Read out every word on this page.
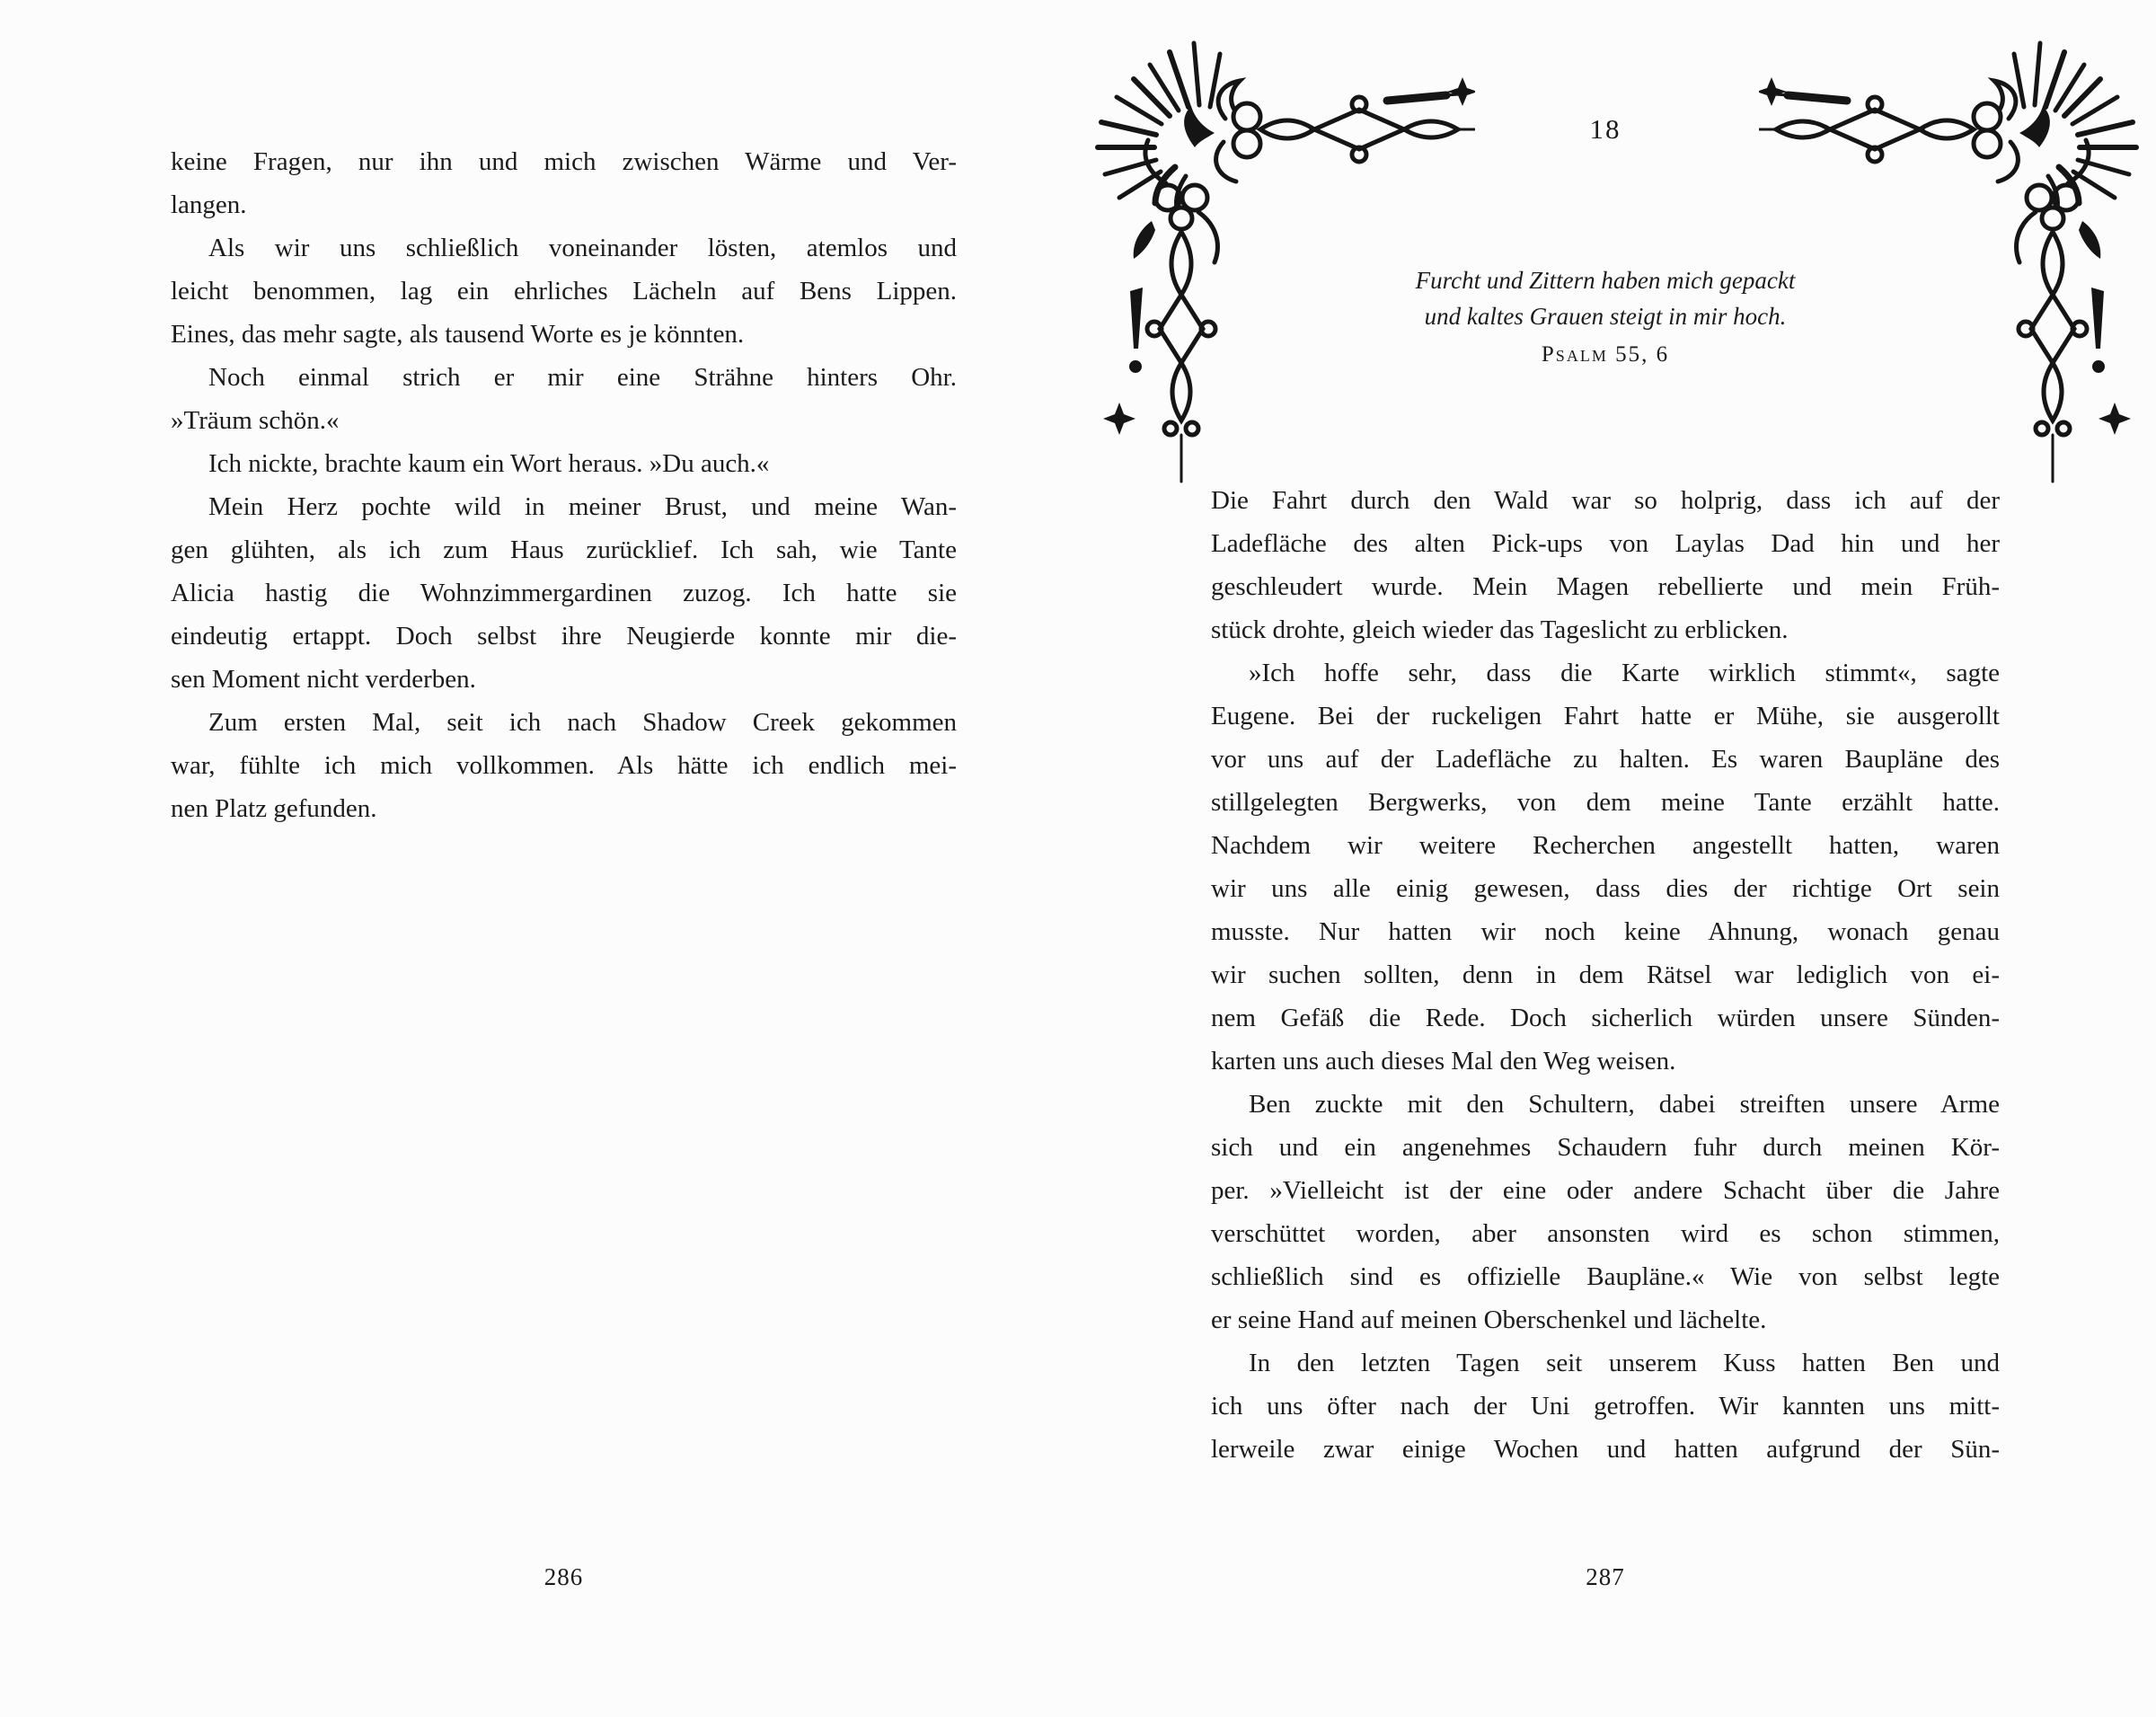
keine Fragen, nur ihn und mich zwischen Wärme und Ver-
langen.
Als wir uns schließlich voneinander lösten, atemlos und
leicht benommen, lag ein ehrliches Lächeln auf Bens Lippen.
Eines, das mehr sagte, als tausend Worte es je könnten.
Noch einmal strich er mir eine Strähne hinters Ohr.
»Träum schön.«
Ich nickte, brachte kaum ein Wort heraus. »Du auch.«
Mein Herz pochte wild in meiner Brust, und meine Wan-
gen glühten, als ich zum Haus zurücklief. Ich sah, wie Tante
Alicia hastig die Wohnzimmergardinen zuzog. Ich hatte sie
eindeutig ertappt. Doch selbst ihre Neugierde konnte mir die-
sen Moment nicht verderben.
Zum ersten Mal, seit ich nach Shadow Creek gekommen
war, fühlte ich mich vollkommen. Als hätte ich endlich mei-
nen Platz gefunden.
286
18
Furcht und Zittern haben mich gepackt
und kaltes Grauen steigt in mir hoch.
Psalm 55, 6
Die Fahrt durch den Wald war so holprig, dass ich auf der
Ladefläche des alten Pick-ups von Laylas Dad hin und her
geschleudert wurde. Mein Magen rebellierte und mein Früh-
stück drohte, gleich wieder das Tageslicht zu erblicken.
»Ich hoffe sehr, dass die Karte wirklich stimmt«, sagte
Eugene. Bei der ruckeligen Fahrt hatte er Mühe, sie ausgerollt
vor uns auf der Ladefläche zu halten. Es waren Baupläne des
stillgelegten Bergwerks, von dem meine Tante erzählt hatte.
Nachdem wir weitere Recherchen angestellt hatten, waren
wir uns alle einig gewesen, dass dies der richtige Ort sein
musste. Nur hatten wir noch keine Ahnung, wonach genau
wir suchen sollten, denn in dem Rätsel war lediglich von ei-
nem Gefäß die Rede. Doch sicherlich würden unsere Sünden-
karten uns auch dieses Mal den Weg weisen.
Ben zuckte mit den Schultern, dabei streiften unsere Arme
sich und ein angenehmes Schaudern fuhr durch meinen Kör-
per. »Vielleicht ist der eine oder andere Schacht über die Jahre
verschüttet worden, aber ansonsten wird es schon stimmen,
schließlich sind es offizielle Baupläne.« Wie von selbst legte
er seine Hand auf meinen Oberschenkel und lächelte.
In den letzten Tagen seit unserem Kuss hatten Ben und
ich uns öfter nach der Uni getroffen. Wir kannten uns mitt-
lerweile zwar einige Wochen und hatten aufgrund der Sün-
287
